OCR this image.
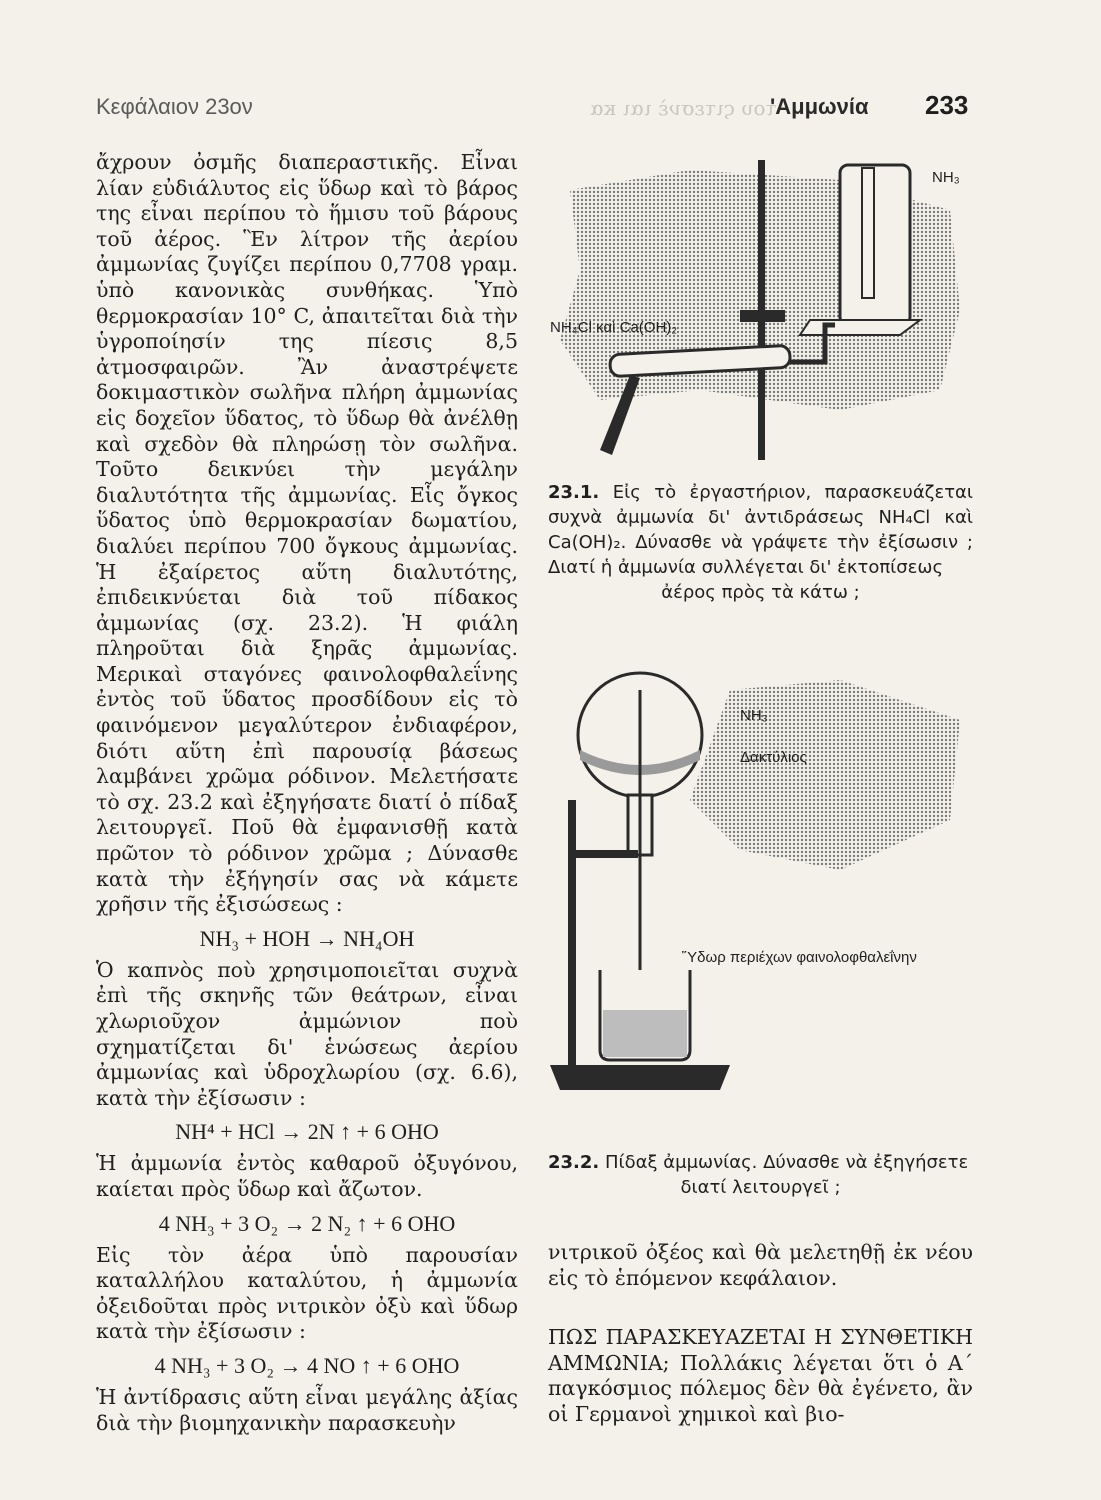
Κεφάλαιον 23ον	του ςιτεσνὲ ιαι κα
'Αμμωνία 233

ἄχρουν ὀσμῆς διαπεραστικῆς. Εἶναι λίαν εὐδιάλυτος εἰς ὕδωρ καὶ τὸ βάρος της εἶναι περίπου τὸ ἥμισυ τοῦ βάρους τοῦ ἀέρος. Ἓν λίτρον τῆς ἀερίου ἀμμωνίας ζυγίζει περίπου 0,7708 γραμ. ὑπὸ κανονικὰς συνθήκας. Ὑπὸ θερμοκρασίαν 10° C, ἀπαιτεῖται διὰ τὴν ὑγροποίησίν της πίεσις 8,5 ἀτμοσφαιρῶν. Ἂν ἀναστρέψετε δοκιμαστικὸν σωλῆνα πλήρη ἀμμωνίας εἰς δοχεῖον ὕδατος, τὸ ὕδωρ θὰ ἀνέλθῃ καὶ σχεδὸν θὰ πληρώσῃ τὸν σωλῆνα. Τοῦτο δεικνύει τὴν μεγάλην διαλυτότητα τῆς ἀμμωνίας. Εἷς ὄγκος ὕδατος ὑπὸ θερμοκρασίαν δωματίου, διαλύει περίπου 700 ὄγκους ἀμμωνίας. Ἡ ἐξαίρετος αὕτη διαλυτότης, ἐπιδεικνύεται διὰ τοῦ πίδακος ἀμμωνίας (σχ. 23.2). Ἡ φιάλη πληροῦται διὰ ξηρᾶς ἀμμωνίας. Μερικαὶ σταγόνες φαινολοφθαλεΐνης ἐντὸς τοῦ ὕδατος προσδίδουν εἰς τὸ φαινόμενον μεγαλύτερον ἐνδιαφέρον, διότι αὕτη ἐπὶ παρουσίᾳ βάσεως λαμβάνει χρῶμα ρόδινον. Μελετήσατε τὸ σχ. 23.2 καὶ ἐξηγήσατε διατί ὁ πίδαξ λειτουργεῖ. Ποῦ θὰ ἐμφανισθῇ κατὰ πρῶτον τὸ ρόδινον χρῶμα ; Δύνασθε κατὰ τὴν ἐξήγησίν σας νὰ κάμετε χρῆσιν τῆς ἐξισώσεως :

NH₃ + HOH → NH₄OH

Ὁ καπνὸς ποὺ χρησιμοποιεῖται συχνὰ ἐπὶ τῆς σκηνῆς τῶν θεάτρων, εἶναι χλωριοῦχον ἀμμώνιον ποὺ σχηματίζεται δι' ἑνώσεως ἀερίου ἀμμωνίας καὶ ὑδροχλωρίου (σχ. 6.6), κατὰ τὴν ἐξίσωσιν :

NH⁴ + HCl → 2N ↑ + 6 OHO

Ἡ ἀμμωνία ἐντὸς καθαροῦ ὀξυγόνου, καίεται πρὸς ὕδωρ καὶ ἄζωτον.

4 NH₃ + 3 O₂ → 2 N₂ ↑ + 6 OHO

Εἰς τὸν ἀέρα ὑπὸ παρουσίαν καταλλήλου καταλύτου, ἡ ἀμμωνία ὀξειδοῦται πρὸς νιτρικὸν ὀξὺ καὶ ὕδωρ κατὰ τὴν ἐξίσωσιν :

4 NH₃ + 3 O₂ → 4 NO ↑ + 6 OHO

Ἡ ἀντίδρασις αὕτη εἶναι μεγάλης ἀξίας διὰ τὴν βιομηχανικὴν παρασκευὴν

NH₃
NH₄Cl καὶ Ca(OH)₂
23.1. Εἰς τὸ ἐργαστήριον, παρασκευάζεται συχνὰ ἀμμωνία δι' ἀντιδράσεως NH₄Cl καὶ Ca(OH)₂. Δύνασθε νὰ γράψετε τὴν ἐξίσωσιν ; Διατί ἡ ἀμμωνία συλλέγεται δι' ἐκτοπίσεως
ἀέρος πρὸς τὰ κάτω ;
NH₃
Δακτύλιος
Ὕδωρ περιέχων φαινολοφθαλεΐνην
23.2. Πίδαξ ἀμμωνίας. Δύνασθε νὰ ἐξηγήσετε
διατί λειτουργεῖ ;

νιτρικοῦ ὀξέος καὶ θὰ μελετηθῇ ἐκ νέου εἰς τὸ ἑπόμενον κεφάλαιον.

ΠΩΣ ΠΑΡΑΣΚΕΥΑΖΕΤΑΙ Η ΣΥΝΘΕΤΙΚΗ ΑΜΜΩΝΙΑ; Πολλάκις λέγεται ὅτι ὁ Α΄ παγκόσμιος πόλεμος δὲν θὰ ἐγένετο, ἂν οἱ Γερμανοὶ χημικοὶ καὶ βιο-
